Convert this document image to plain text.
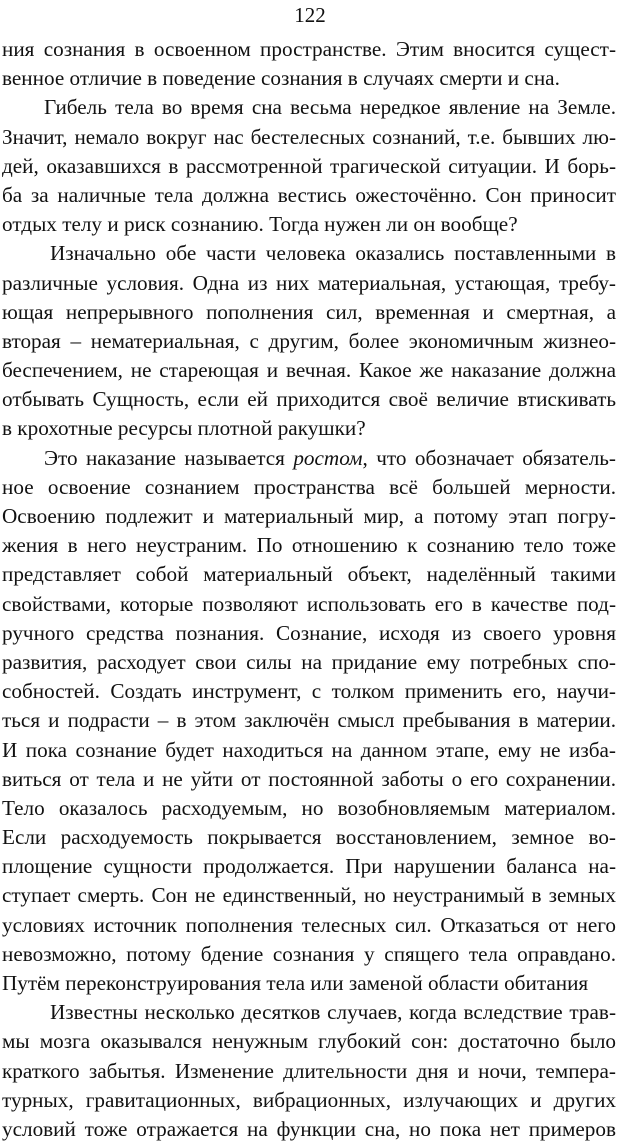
122
ния сознания в освоенном пространстве. Этим вносится сущест-
венное отличие в поведение сознания в случаях смерти и сна.
Гибель тела во время сна весьма нередкое явление на Земле.
Значит, немало вокруг нас бестелесных сознаний, т.е. бывших лю-
дей, оказавшихся в рассмотренной трагической ситуации. И борь-
ба за наличные тела должна вестись ожесточённо. Сон приносит
отдых телу и риск сознанию. Тогда нужен ли он вообще?
Изначально обе части человека оказались поставленными в
различные условия. Одна из них материальная, устающая, требу-
ющая непрерывного пополнения сил, временная и смертная, а
вторая – нематериальная, с другим, более экономичным жизнео-
беспечением, не стареющая и вечная. Какое же наказание должна
отбывать Сущность, если ей приходится своё величие втискивать
в крохотные ресурсы плотной ракушки?
Это наказание называется ростом, что обозначает обязатель-
ное освоение сознанием пространства всё большей мерности.
Освоению подлежит и материальный мир, а потому этап погру-
жения в него неустраним. По отношению к сознанию тело тоже
представляет собой материальный объект, наделённый такими
свойствами, которые позволяют использовать его в качестве под-
ручного средства познания. Сознание, исходя из своего уровня
развития, расходует свои силы на придание ему потребных спо-
собностей. Создать инструмент, с толком применить его, научи-
ться и подрасти – в этом заключён смысл пребывания в материи.
И пока сознание будет находиться на данном этапе, ему не изба-
виться от тела и не уйти от постоянной заботы о его сохранении.
Тело оказалось расходуемым, но возобновляемым материалом.
Если расходуемость покрывается восстановлением, земное во-
площение сущности продолжается. При нарушении баланса на-
ступает смерть. Сон не единственный, но неустранимый в земных
условиях источник пополнения телесных сил. Отказаться от него
невозможно, потому бдение сознания у спящего тела оправдано.
Путём переконструирования тела или заменой области обитания
Известны несколько десятков случаев, когда вследствие трав-
мы мозга оказывался ненужным глубокий сон: достаточно было
краткого забытья. Изменение длительности дня и ночи, темпера-
турных, гравитационных, вибрационных, излучающих и других
условий тоже отражается на функции сна, но пока нет примеров
